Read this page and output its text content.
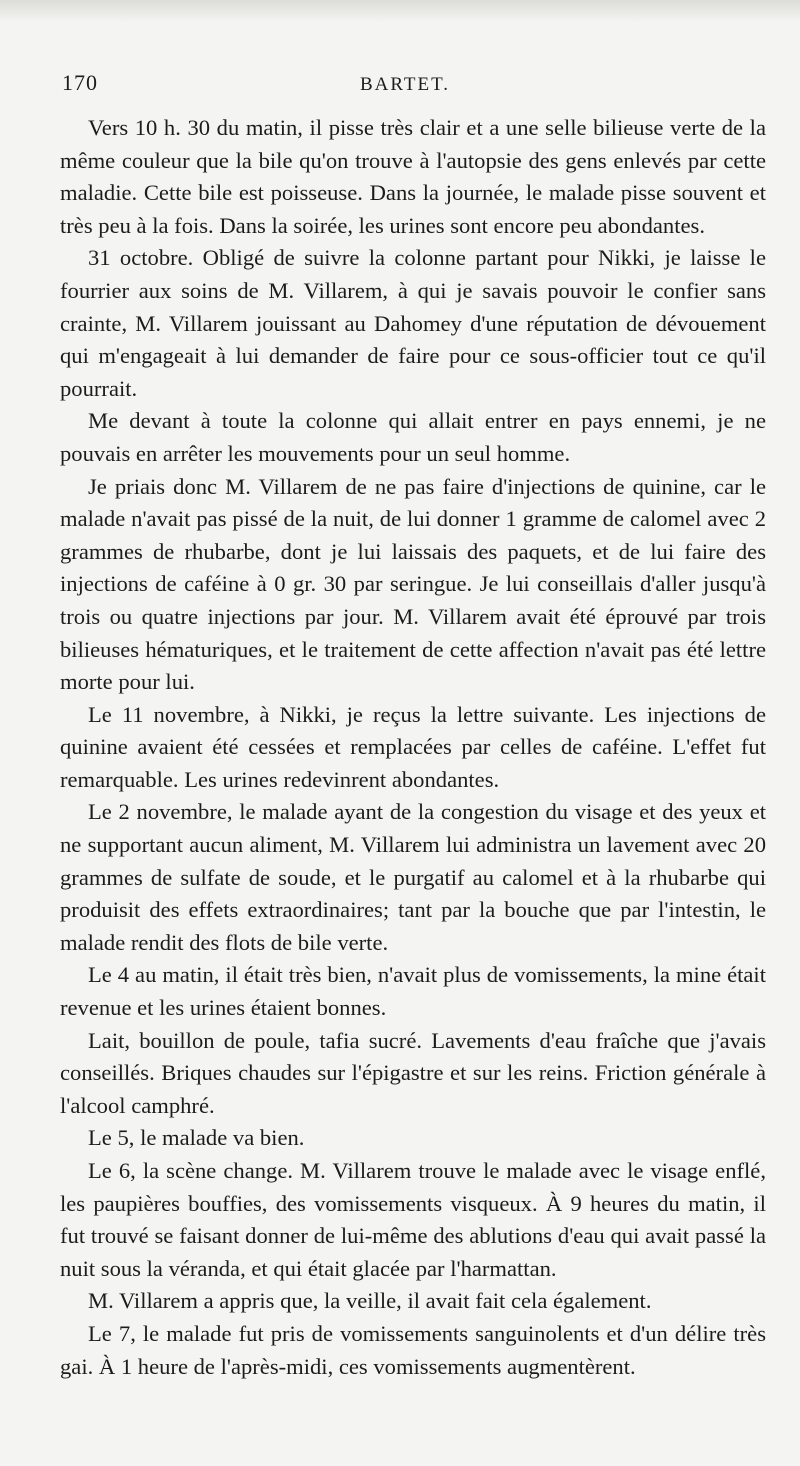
170	BARTET.

Vers 10 h. 30 du matin, il pisse très clair et a une selle bilieuse verte de la même couleur que la bile qu'on trouve à l'autopsie des gens enlevés par cette maladie. Cette bile est poisseuse. Dans la journée, le malade pisse souvent et très peu à la fois. Dans la soirée, les urines sont encore peu abondantes.

31 octobre. Obligé de suivre la colonne partant pour Nikki, je laisse le fourrier aux soins de M. Villarem, à qui je savais pouvoir le confier sans crainte, M. Villarem jouissant au Dahomey d'une réputation de dévouement qui m'engageait à lui demander de faire pour ce sous-officier tout ce qu'il pourrait.

Me devant à toute la colonne qui allait entrer en pays ennemi, je ne pouvais en arrêter les mouvements pour un seul homme.

Je priais donc M. Villarem de ne pas faire d'injections de quinine, car le malade n'avait pas pissé de la nuit, de lui donner 1 gramme de calomel avec 2 grammes de rhubarbe, dont je lui laissais des paquets, et de lui faire des injections de caféine à 0 gr. 30 par seringue. Je lui conseillais d'aller jusqu'à trois ou quatre injections par jour. M. Villarem avait été éprouvé par trois bilieuses hématuriques, et le traitement de cette affection n'avait pas été lettre morte pour lui.

Le 11 novembre, à Nikki, je reçus la lettre suivante. Les injections de quinine avaient été cessées et remplacées par celles de caféine. L'effet fut remarquable. Les urines redevinrent abondantes.

Le 2 novembre, le malade ayant de la congestion du visage et des yeux et ne supportant aucun aliment, M. Villarem lui administra un lavement avec 20 grammes de sulfate de soude, et le purgatif au calomel et à la rhubarbe qui produisit des effets extraordinaires; tant par la bouche que par l'intestin, le malade rendit des flots de bile verte.

Le 4 au matin, il était très bien, n'avait plus de vomissements, la mine était revenue et les urines étaient bonnes.

Lait, bouillon de poule, tafia sucré. Lavements d'eau fraîche que j'avais conseillés. Briques chaudes sur l'épigastre et sur les reins. Friction générale à l'alcool camphré.

Le 5, le malade va bien.

Le 6, la scène change. M. Villarem trouve le malade avec le visage enflé, les paupières bouffies, des vomissements visqueux. À 9 heures du matin, il fut trouvé se faisant donner de lui-même des ablutions d'eau qui avait passé la nuit sous la véranda, et qui était glacée par l'harmattan.

M. Villarem a appris que, la veille, il avait fait cela également.

Le 7, le malade fut pris de vomissements sanguinolents et d'un délire très gai. À 1 heure de l'après-midi, ces vomissements augmentèrent.
